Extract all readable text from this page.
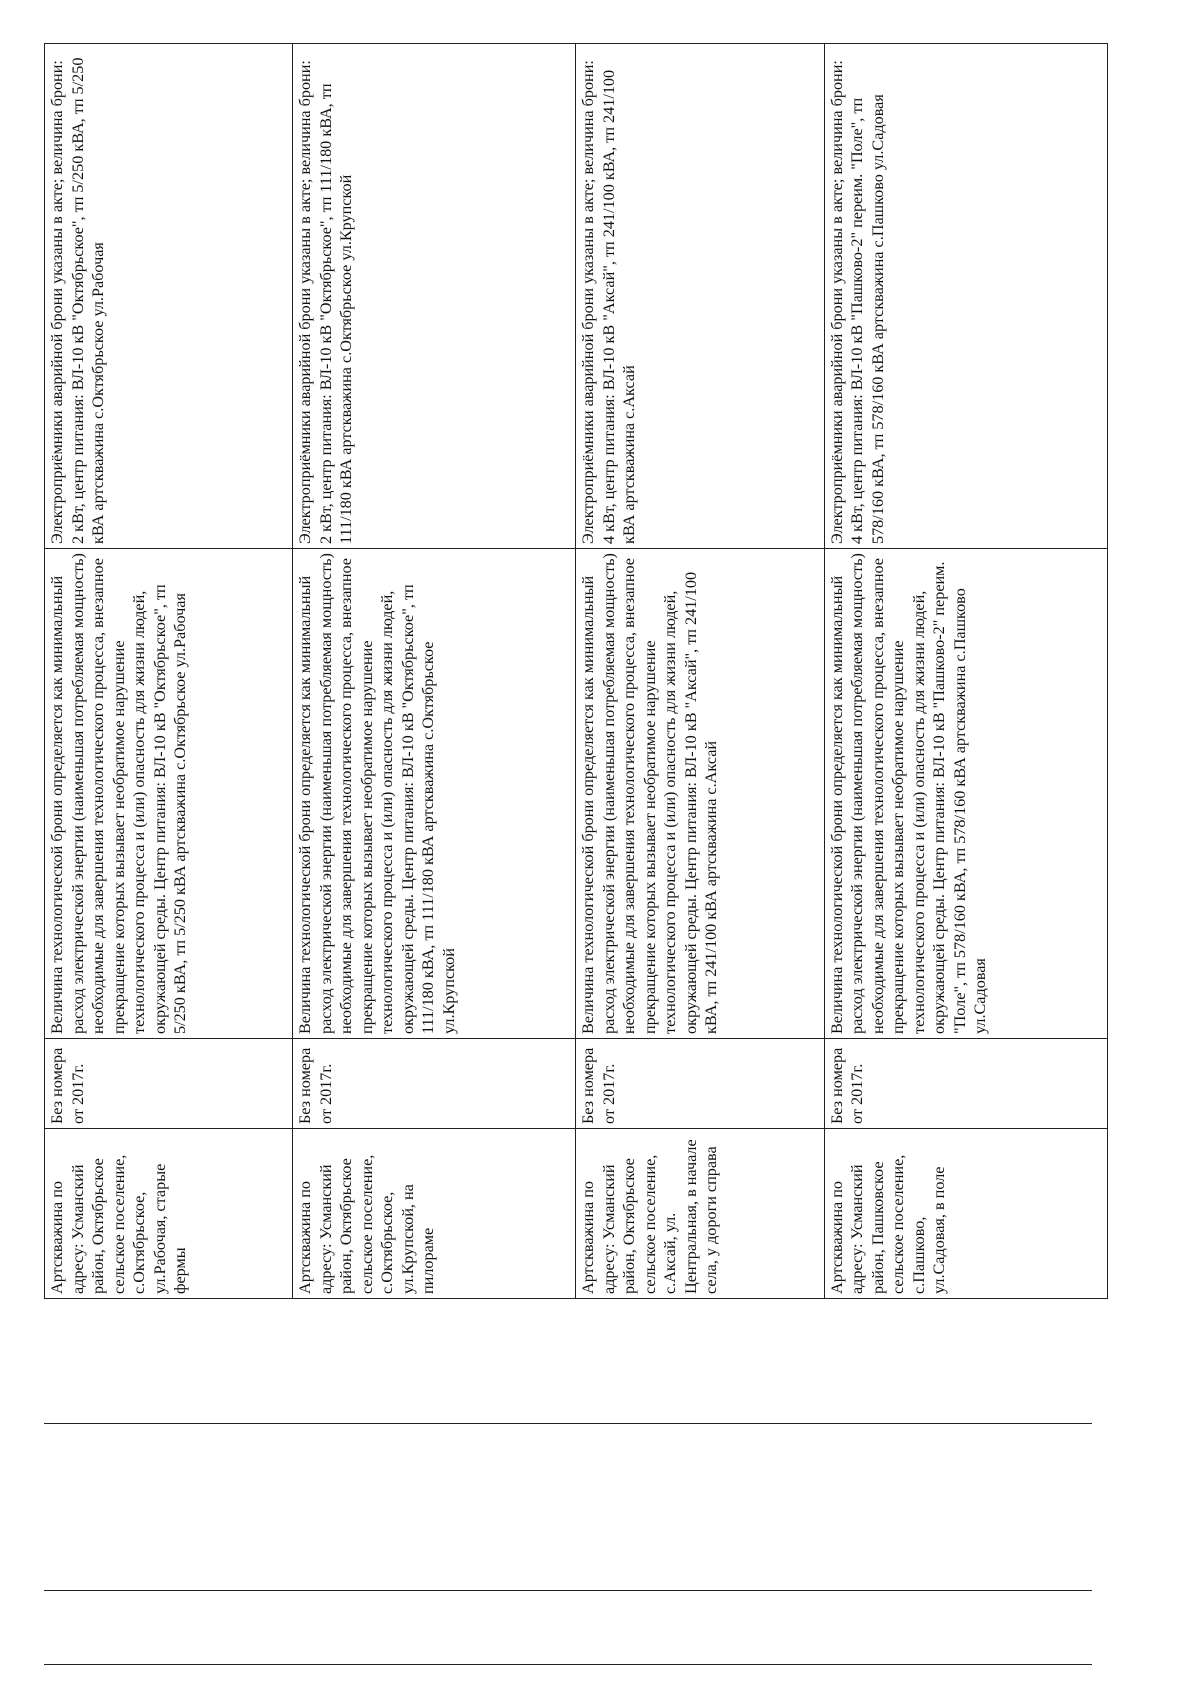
Артскважина по адресу: Усманский район, Октябрьское сельское поселение, с.Октябрьское, ул.Рабочая, старые фермы	Без номера от 2017г.	Величина технологической брони определяется как минимальный расход электрической энергии (наименьшая потребляемая мощность) необходимые для завершения технологического процесса, внезапное прекращение которых вызывает необратимое нарушение технологического процесса и (или) опасность для жизни людей, окружающей среды. Центр питания: ВЛ-10 кВ "Октябрьское", тп 5/250 кВА, тп 5/250 кВА артскважина с.Октябрьское ул.Рабочая	Электроприёмники аварийной брони указаны в акте; величина брони: 2 кВт, центр питания: ВЛ-10 кВ "Октябрьское", тп 5/250 кВА, тп 5/250 кВА артскважина с.Октябрьское ул.Рабочая
Артскважина по адресу: Усманский район, Октябрьское сельское поселение, с.Октябрьское, ул.Крупской, на пилораме	Без номера от 2017г.	Величина технологической брони определяется как минимальный расход электрической энергии (наименьшая потребляемая мощность) необходимые для завершения технологического процесса, внезапное прекращение которых вызывает необратимое нарушение технологического процесса и (или) опасность для жизни людей, окружающей среды. Центр питания: ВЛ-10 кВ "Октябрьское", тп 111/180 кВА, тп 111/180 кВА артскважина с.Октябрьское ул.Крупской	Электроприёмники аварийной брони указаны в акте; величина брони: 2 кВт, центр питания: ВЛ-10 кВ "Октябрьское", тп 111/180 кВА, тп 111/180 кВА артскважина с.Октябрьское ул.Крупской
Артскважина по адресу: Усманский район, Октябрьское сельское поселение, с.Аксай, ул. Центральная, в начале села, у дороги справа	Без номера от 2017г.	Величина технологической брони определяется как минимальный расход электрической энергии (наименьшая потребляемая мощность) необходимые для завершения технологического процесса, внезапное прекращение которых вызывает необратимое нарушение технологического процесса и (или) опасность для жизни людей, окружающей среды. Центр питания: ВЛ-10 кВ "Аксай", тп 241/100 кВА, тп 241/100 кВА артскважина с.Аксай	Электроприёмники аварийной брони указаны в акте; величина брони: 4 кВт, центр питания: ВЛ-10 кВ "Аксай", тп 241/100 кВА, тп 241/100 кВА артскважина с.Аксай
Артскважина по адресу: Усманский район, Пашковское сельское поселение, с.Пашково, ул.Садовая, в поле	Без номера от 2017г.	Величина технологической брони определяется как минимальный расход электрической энергии (наименьшая потребляемая мощность) необходимые для завершения технологического процесса, внезапное прекращение которых вызывает необратимое нарушение технологического процесса и (или) опасность для жизни людей, окружающей среды. Центр питания: ВЛ-10 кВ "Пашково-2" переим. "Поле", тп 578/160 кВА, тп 578/160 кВА артскважина с.Пашково ул.Садовая	Электроприёмники аварийной брони указаны в акте; величина брони: 4 кВт, центр питания: ВЛ-10 кВ "Пашково-2" переим. "Поле", тп 578/160 кВА, тп 578/160 кВА артскважина с.Пашково ул.Садовая
